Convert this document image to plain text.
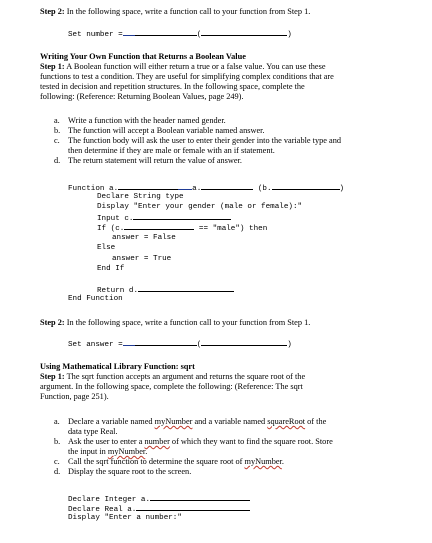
Step 2: In the following space, write a function call to your function from Step 1.
Set number =	(	)
Writing Your Own Function that Returns a Boolean Value
Step 1: A Boolean function will either return a true or a false value. You can use these
functions to test a condition. They are useful for simplifying complex conditions that are
tested in decision and repetition structures. In the following space, complete the
following: (Reference: Returning Boolean Values, page 249).
a. Write a function with the header named gender.
b. The function will accept a Boolean variable named answer.
c. The function body will ask the user to enter their gender into the variable type and
then determine if they are male or female with an if statement.
d. The return statement will return the value of answer.
Function a.	a.	(b.	)
Declare String type
Display "Enter your gender (male or female):"
Input c.
If (c.	== "male") then
answer = False
Else
answer = True
End If
Return d.
End Function
Step 2: In the following space, write a function call to your function from Step 1.
Set answer =	(	)
Using Mathematical Library Function: sqrt
Step 1: The sqrt function accepts an argument and returns the square root of the
argument. In the following space, complete the following: (Reference: The sqrt
Function, page 251).
a. Declare a variable named myNumber and a variable named squareRoot of the
data type Real.
b. Ask the user to enter a number of which they want to find the square root. Store
the input in myNumber.
c. Call the sqrt function to determine the square root of myNumber.
d. Display the square root to the screen.
Declare Integer a.
Declare Real a.
Display "Enter a number:"
